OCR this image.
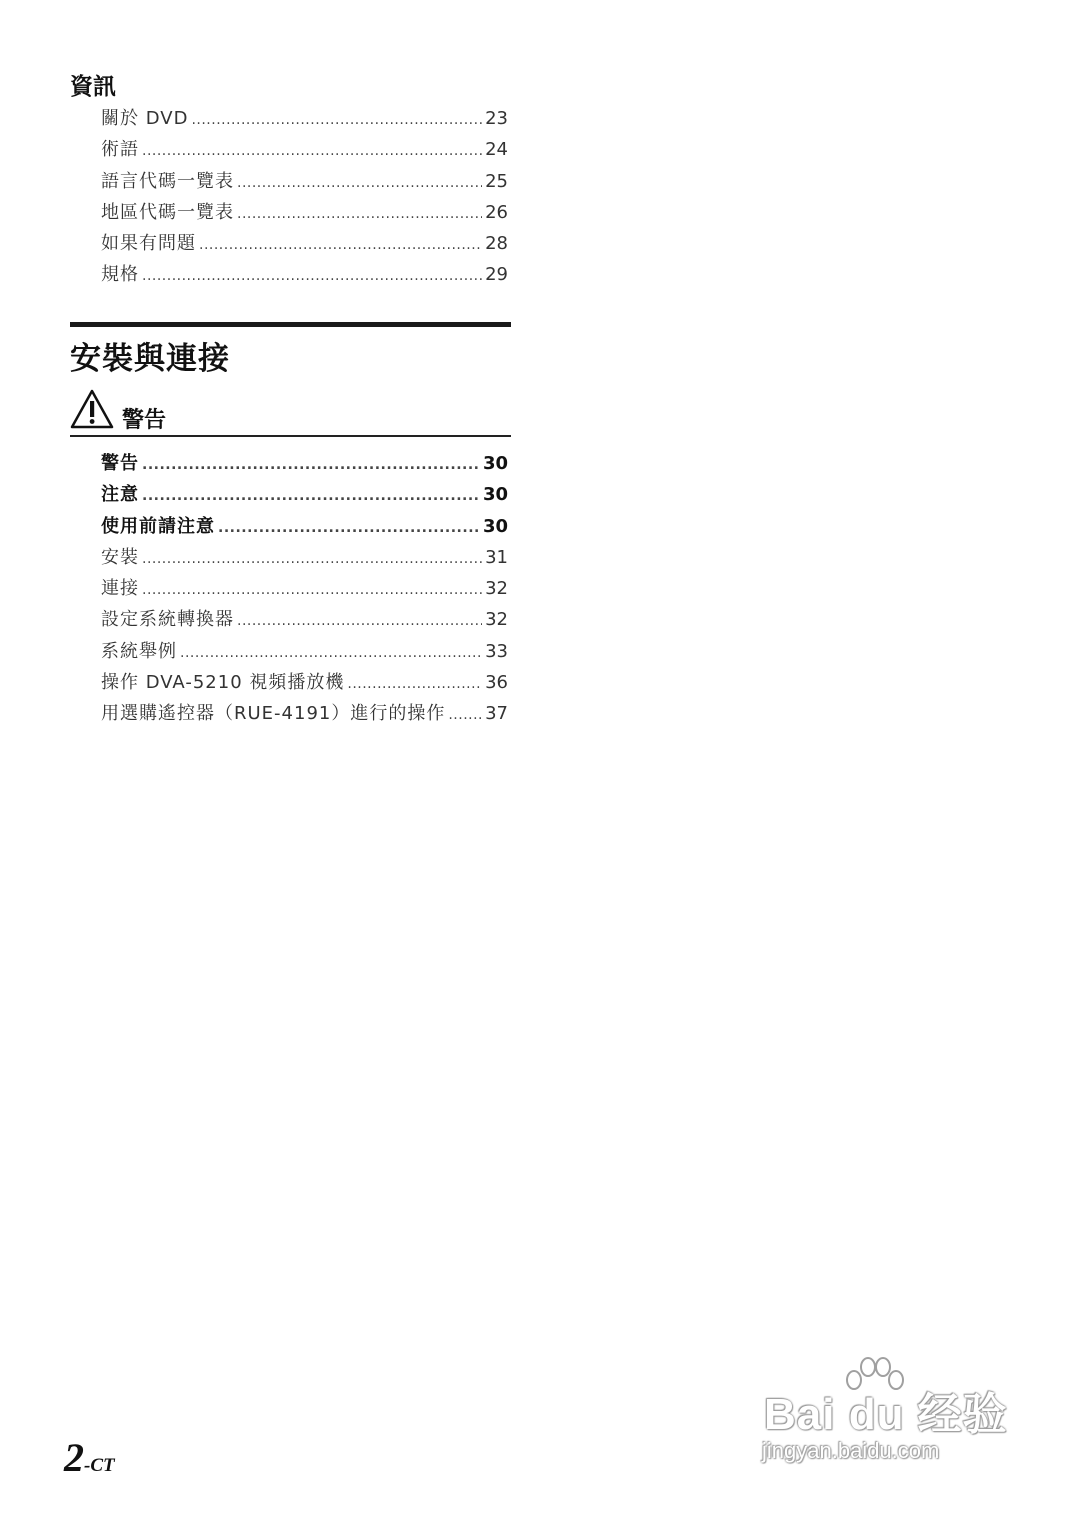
資訊
關於 DVD .....	23
術語 .....	24
語言代碼一覽表 .....	25
地區代碼一覽表 .....	26
如果有問題 .....	28
規格 .....	29
安裝與連接
警告
警告 .....	30
注意 .....	30
使用前請注意 .....	30
安裝 .....	31
連接 .....	32
設定系統轉換器 .....	32
系統舉例 .....	33
操作 DVA-5210 視頻播放機 .....	36
用選購遙控器（RUE-4191）進行的操作 ..... 37

2-CT

Bai du 经验

jingyan.baidu.com
